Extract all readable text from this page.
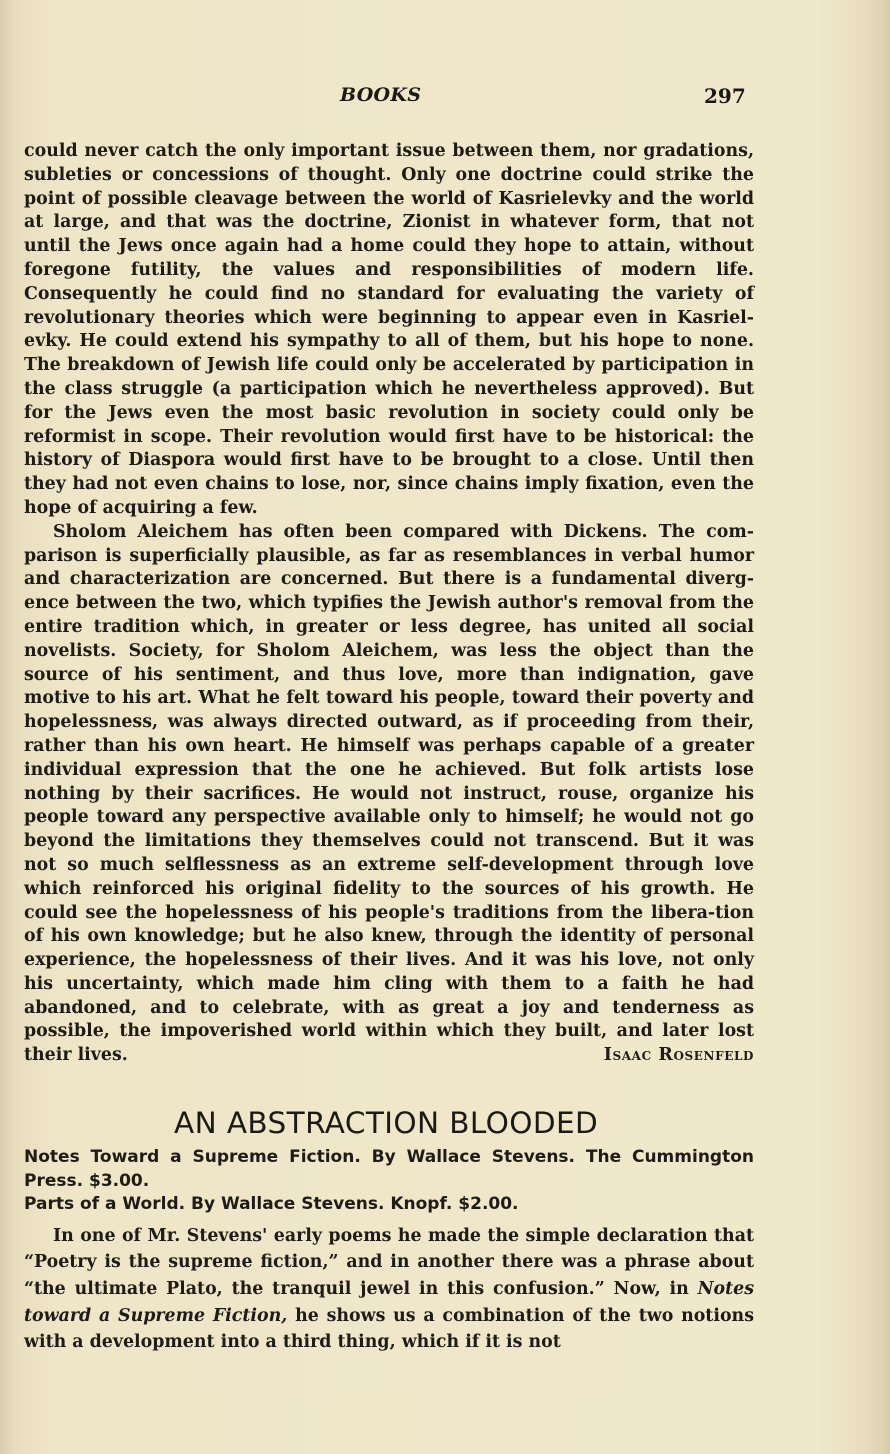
BOOKS	297

could never catch the only important issue between them, nor gradations, subleties or concessions of thought. Only one doctrine could strike the point of possible cleavage between the world of Kasrielevky and the world at large, and that was the doctrine, Zionist in whatever form, that not until the Jews once again had a home could they hope to attain, without foregone futility, the values and responsibilities of modern life. Consequently he could find no standard for evaluating the variety of revolutionary theories which were beginning to appear even in Kasriel-evky. He could extend his sympathy to all of them, but his hope to none. The breakdown of Jewish life could only be accelerated by participation in the class struggle (a participation which he nevertheless approved). But for the Jews even the most basic revolution in society could only be reformist in scope. Their revolution would first have to be historical: the history of Diaspora would first have to be brought to a close. Until then they had not even chains to lose, nor, since chains imply fixation, even the hope of acquiring a few.

Sholom Aleichem has often been compared with Dickens. The com-parison is superficially plausible, as far as resemblances in verbal humor and characterization are concerned. But there is a fundamental diverg-ence between the two, which typifies the Jewish author's removal from the entire tradition which, in greater or less degree, has united all social novelists. Society, for Sholom Aleichem, was less the object than the source of his sentiment, and thus love, more than indignation, gave motive to his art. What he felt toward his people, toward their poverty and hopelessness, was always directed outward, as if proceeding from their, rather than his own heart. He himself was perhaps capable of a greater individual expression that the one he achieved. But folk artists lose nothing by their sacrifices. He would not instruct, rouse, organize his people toward any perspective available only to himself; he would not go beyond the limitations they themselves could not transcend. But it was not so much selflessness as an extreme self-development through love which reinforced his original fidelity to the sources of his growth. He could see the hopelessness of his people's traditions from the libera-tion of his own knowledge; but he also knew, through the identity of personal experience, the hopelessness of their lives. And it was his love, not only his uncertainty, which made him cling with them to a faith he had abandoned, and to celebrate, with as great a joy and tenderness as possible, the impoverished world within which they built, and later lost their lives.	Isaac Rosenfeld
AN ABSTRACTION BLOODED

Notes Toward a Supreme Fiction. By Wallace Stevens. The Cummington Press. $3.00.

Parts of a World. By Wallace Stevens. Knopf. $2.00.

In one of Mr. Stevens' early poems he made the simple declaration that “Poetry is the supreme fiction,” and in another there was a phrase about “the ultimate Plato, the tranquil jewel in this confusion.” Now, in Notes toward a Supreme Fiction, he shows us a combination of the two notions with a development into a third thing, which if it is not
